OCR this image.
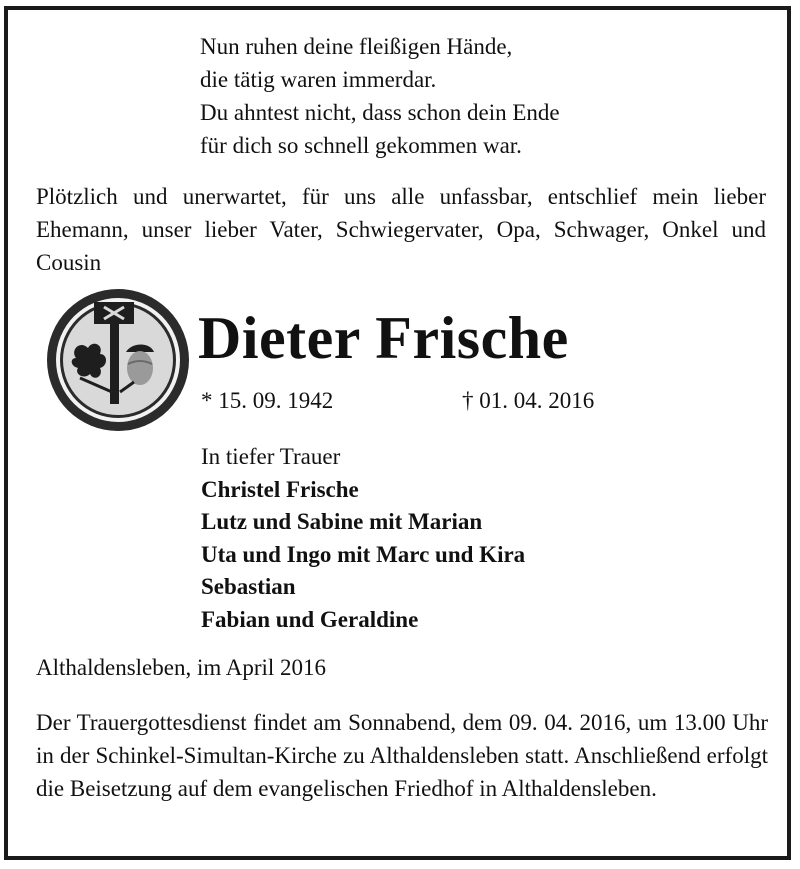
Nun ruhen deine fleißigen Hände,
die tätig waren immerdar.
Du ahntest nicht, dass schon dein Ende
für dich so schnell gekommen war.
Plötzlich und unerwartet, für uns alle unfassbar, entschlief mein lieber Ehemann, unser lieber Vater, Schwiegervater, Opa, Schwager, Onkel und Cousin
Dieter Frische
* 15. 09. 1942	† 01. 04. 2016
In tiefer Trauer
Christel Frische
Lutz und Sabine mit Marian
Uta und Ingo mit Marc und Kira
Sebastian
Fabian und Geraldine
Althaldensleben, im April 2016
Der Trauergottesdienst findet am Sonnabend, dem 09. 04. 2016, um 13.00 Uhr in der Schinkel-Simultan-Kirche zu Althaldensleben statt. Anschließend erfolgt die Beisetzung auf dem evangelischen Friedhof in Althaldensleben.
